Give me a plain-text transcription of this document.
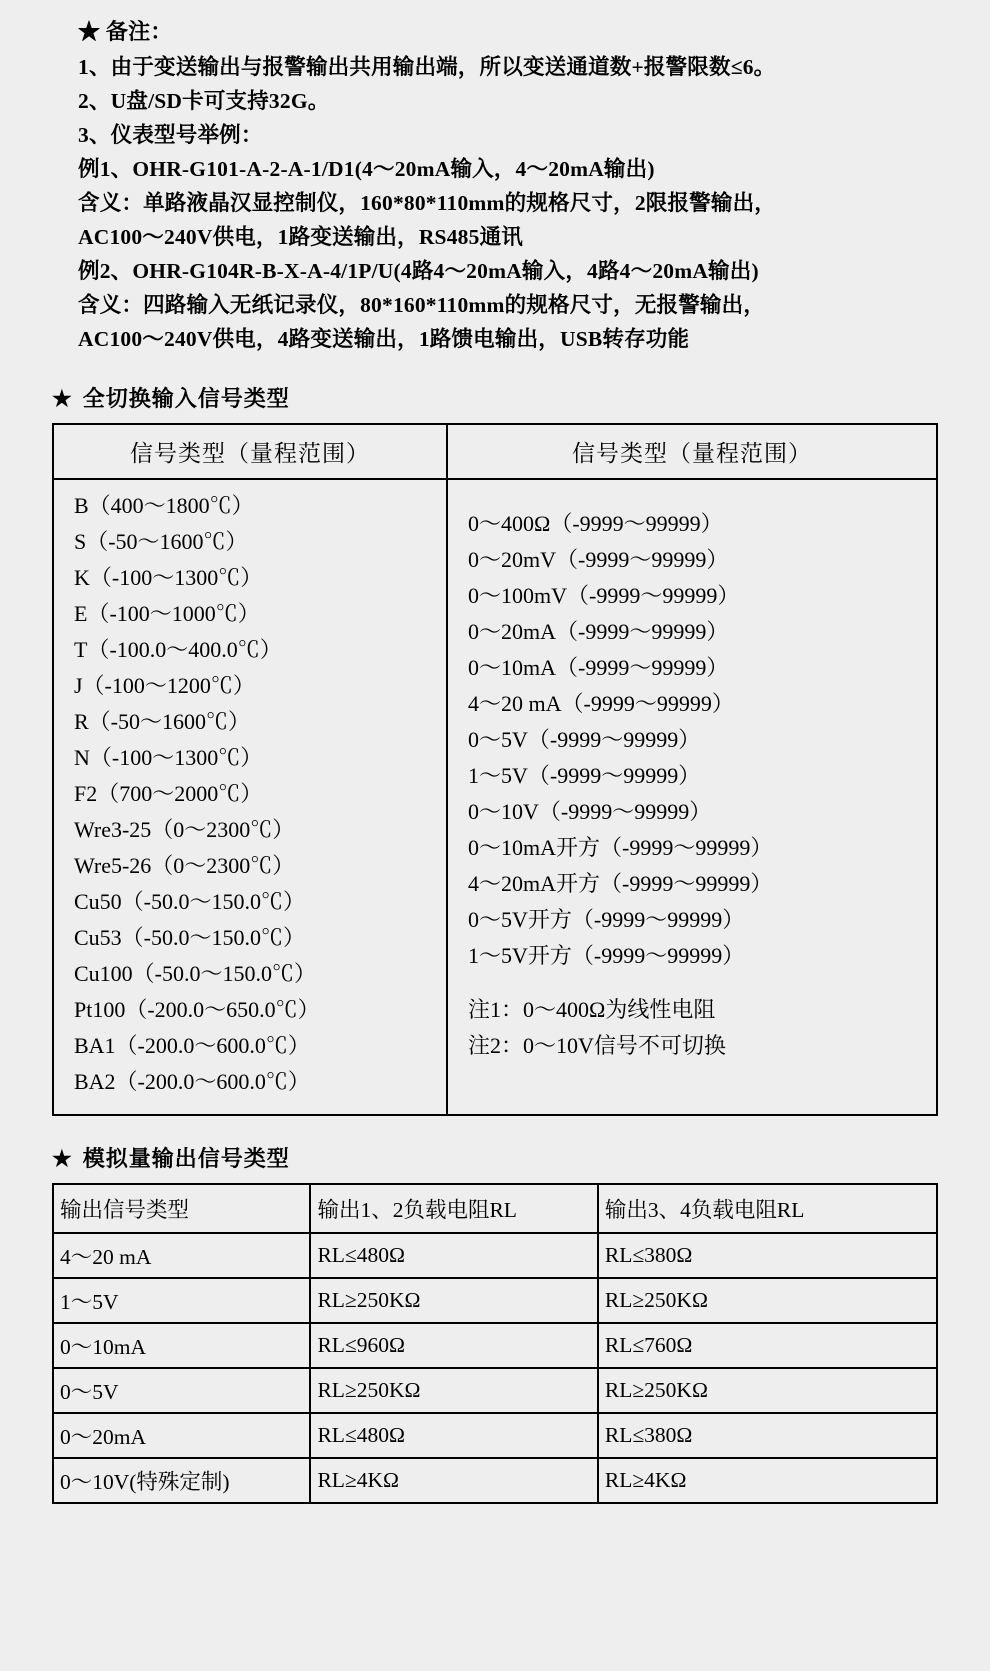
★ 备注：
1、由于变送输出与报警输出共用输出端，所以变送通道数+报警限数≤6。
2、U盘/SD卡可支持32G。
3、仪表型号举例：
例1、OHR-G101-A-2-A-1/D1(4～20mA输入，4～20mA输出)
含义：单路液晶汉显控制仪，160*80*110mm的规格尺寸，2限报警输出，
AC100～240V供电，1路变送输出，RS485通讯
例2、OHR-G104R-B-X-A-4/1P/U(4路4～20mA输入，4路4～20mA输出)
含义：四路输入无纸记录仪，80*160*110mm的规格尺寸，无报警输出，
AC100～240V供电，4路变送输出，1路馈电输出，USB转存功能
★ 全切换输入信号类型
信号类型（量程范围）	信号类型（量程范围）

B（400～1800℃）
S（-50～1600℃）
K（-100～1300℃）
E（-100～1000℃）
T（-100.0～400.0℃）
J（-100～1200℃）
R（-50～1600℃）
N（-100～1300℃）
F2（700～2000℃）
Wre3-25（0～2300℃）
Wre5-26（0～2300℃）
Cu50（-50.0～150.0℃）
Cu53（-50.0～150.0℃）
Cu100（-50.0～150.0℃）
Pt100（-200.0～650.0℃）
BA1（-200.0～600.0℃）
BA2（-200.0～600.0℃）

0～400Ω（-9999～99999）
0～20mV（-9999～99999）
0～100mV（-9999～99999）
0～20mA（-9999～99999）
0～10mA（-9999～99999）
4～20 mA（-9999～99999）
0～5V（-9999～99999）
1～5V（-9999～99999）
0～10V（-9999～99999）
0～10mA开方（-9999～99999）
4～20mA开方（-9999～99999）
0～5V开方（-9999～99999）
1～5V开方（-9999～99999）
注1：0～400Ω为线性电阻
注2：0～10V信号不可切换
★ 模拟量输出信号类型
输出信号类型	输出1、2负载电阻RL	输出3、4负载电阻RL
4～20 mA	RL≤480Ω	RL≤380Ω
1～5V	RL≥250KΩ	RL≥250KΩ
0～10mA	RL≤960Ω	RL≤760Ω
0～5V	RL≥250KΩ	RL≥250KΩ
0～20mA	RL≤480Ω	RL≤380Ω
0～10V(特殊定制)	RL≥4KΩ	RL≥4KΩ
